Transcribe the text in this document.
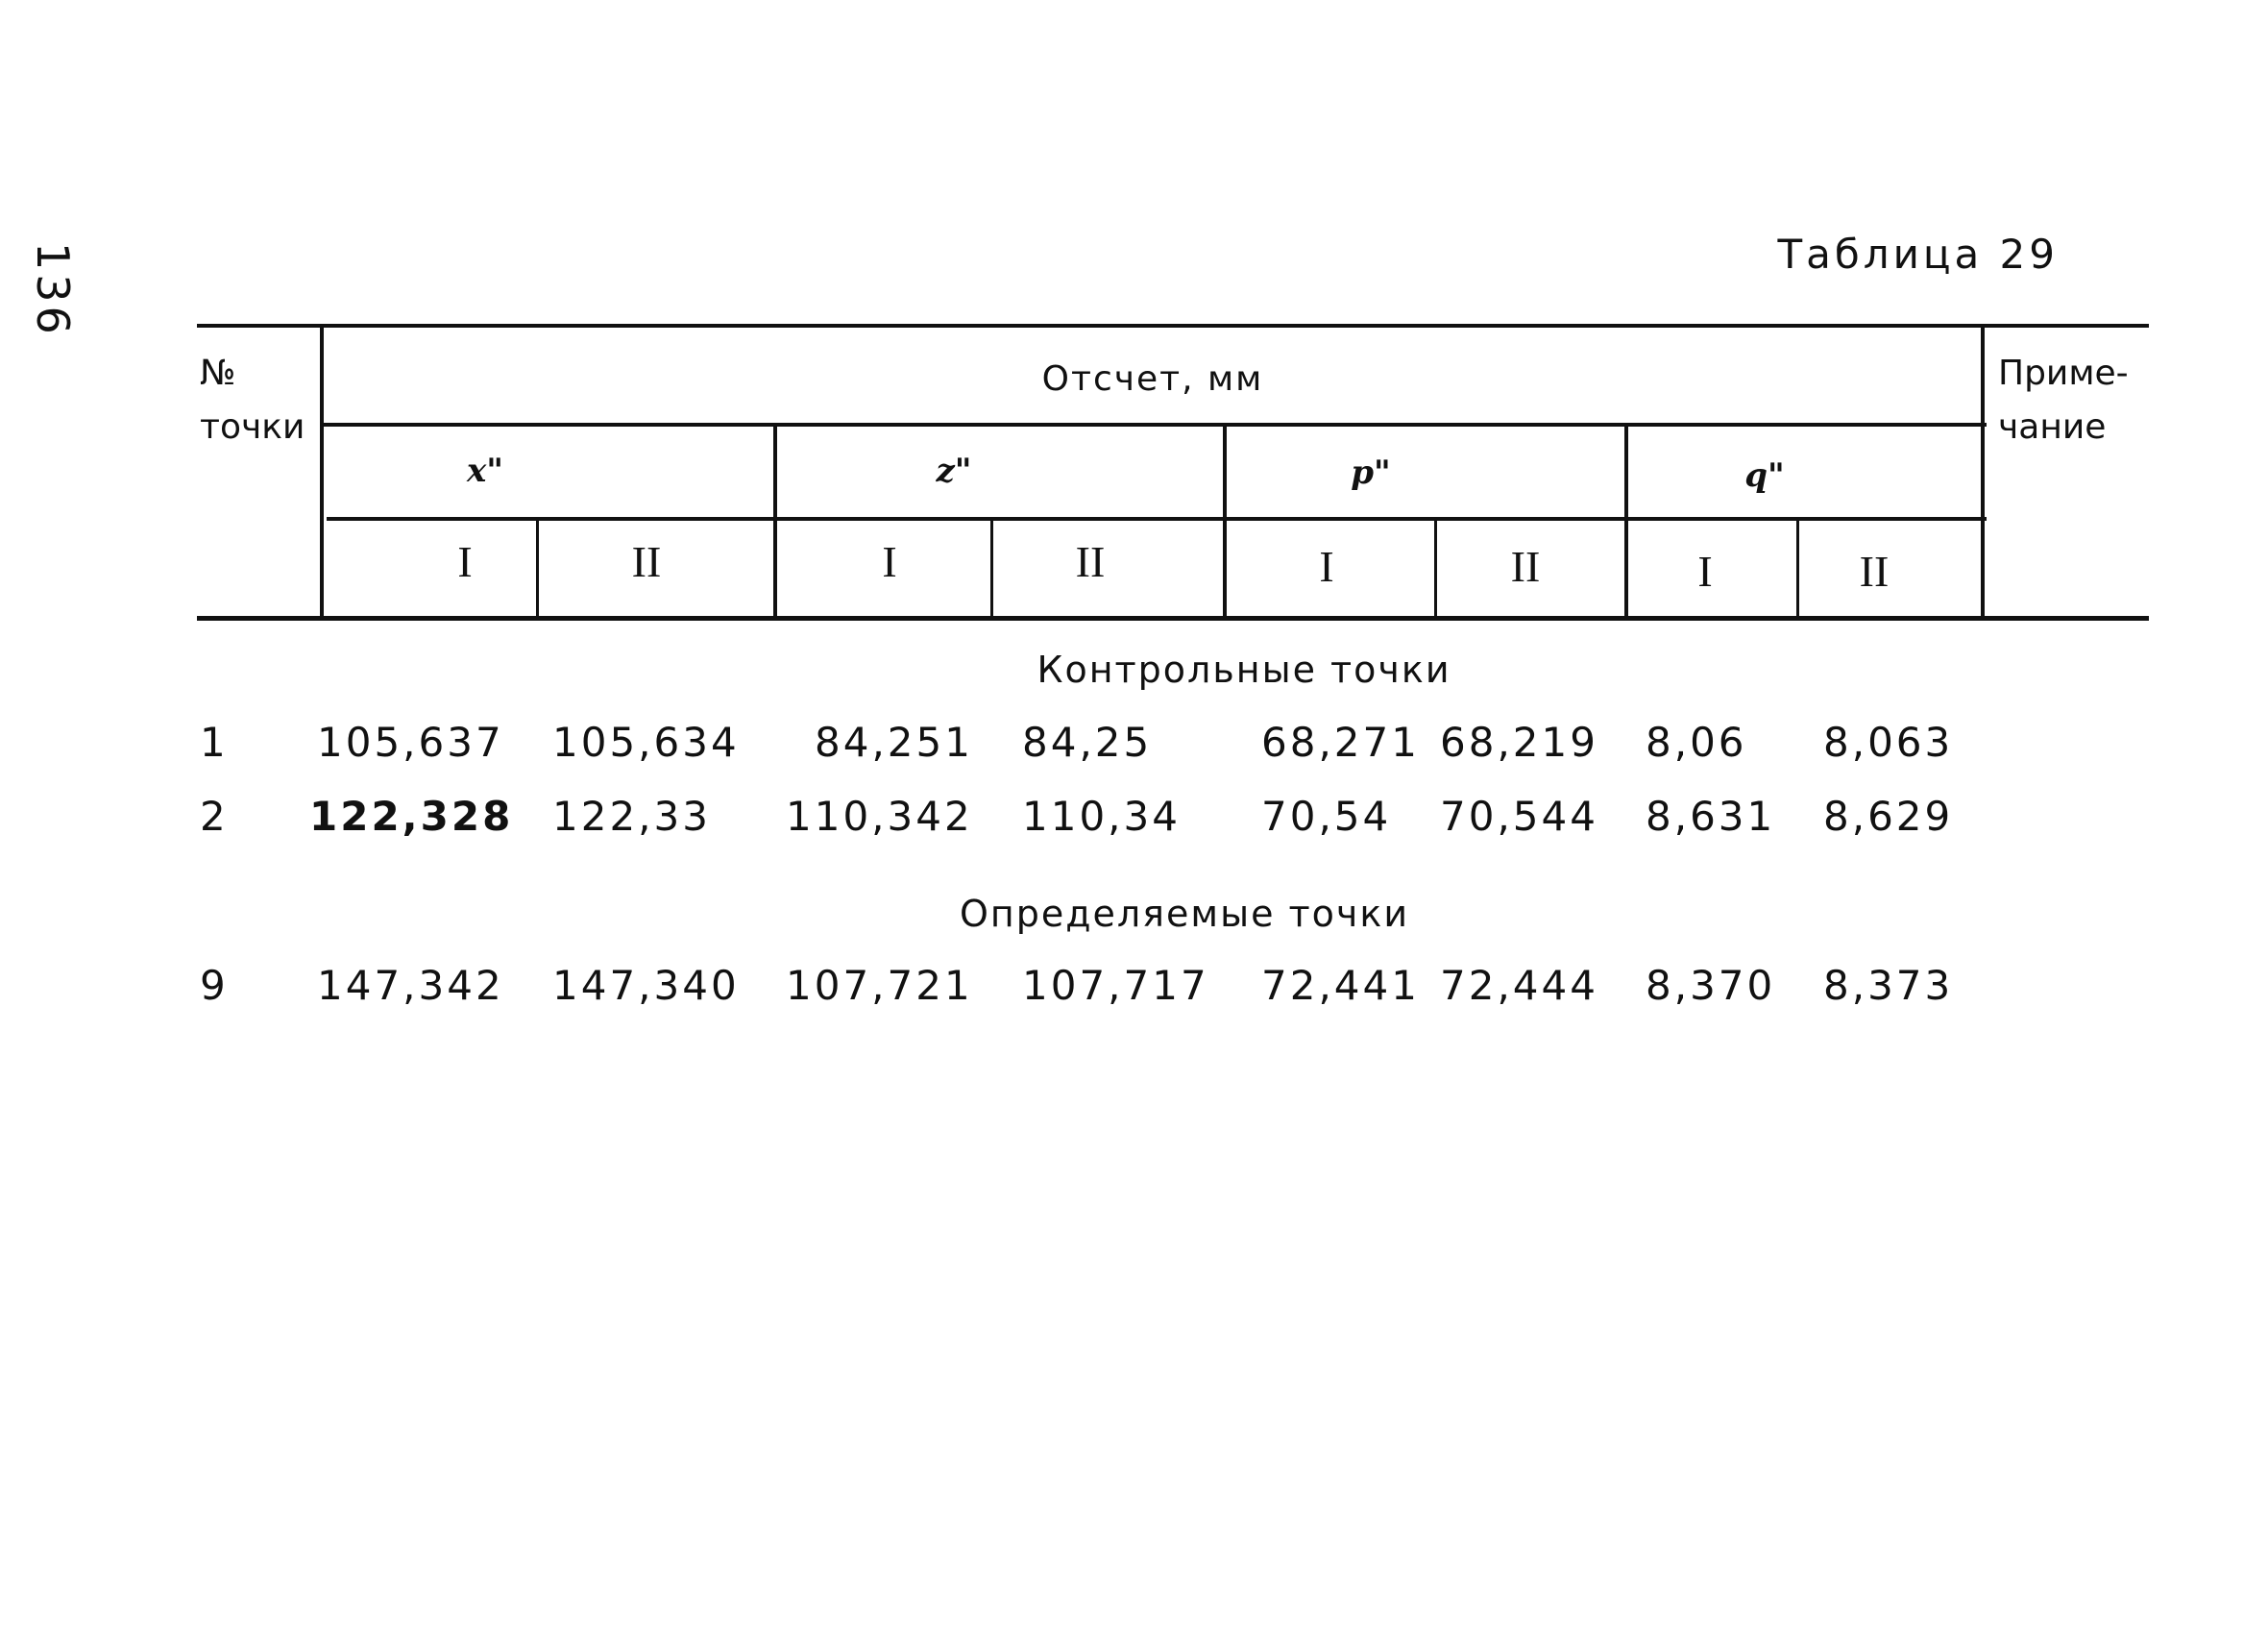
136	Таблица 29
№
точки
Отсчет, мм	Приме-
чание
x"	z"	p"	q"
I	II	I	II	I	II	I	II
Контрольные точки
1 105,637 105,634 84,251 84,25	68,271 68,219 8,06 8,063
2 122,328 122,33 110,342 110,34 70,54 70,544 8,631 8,629
Определяемые точки
9 147,342 147,340 107,721 107,717 72,441 72,444 8,370 8,373
